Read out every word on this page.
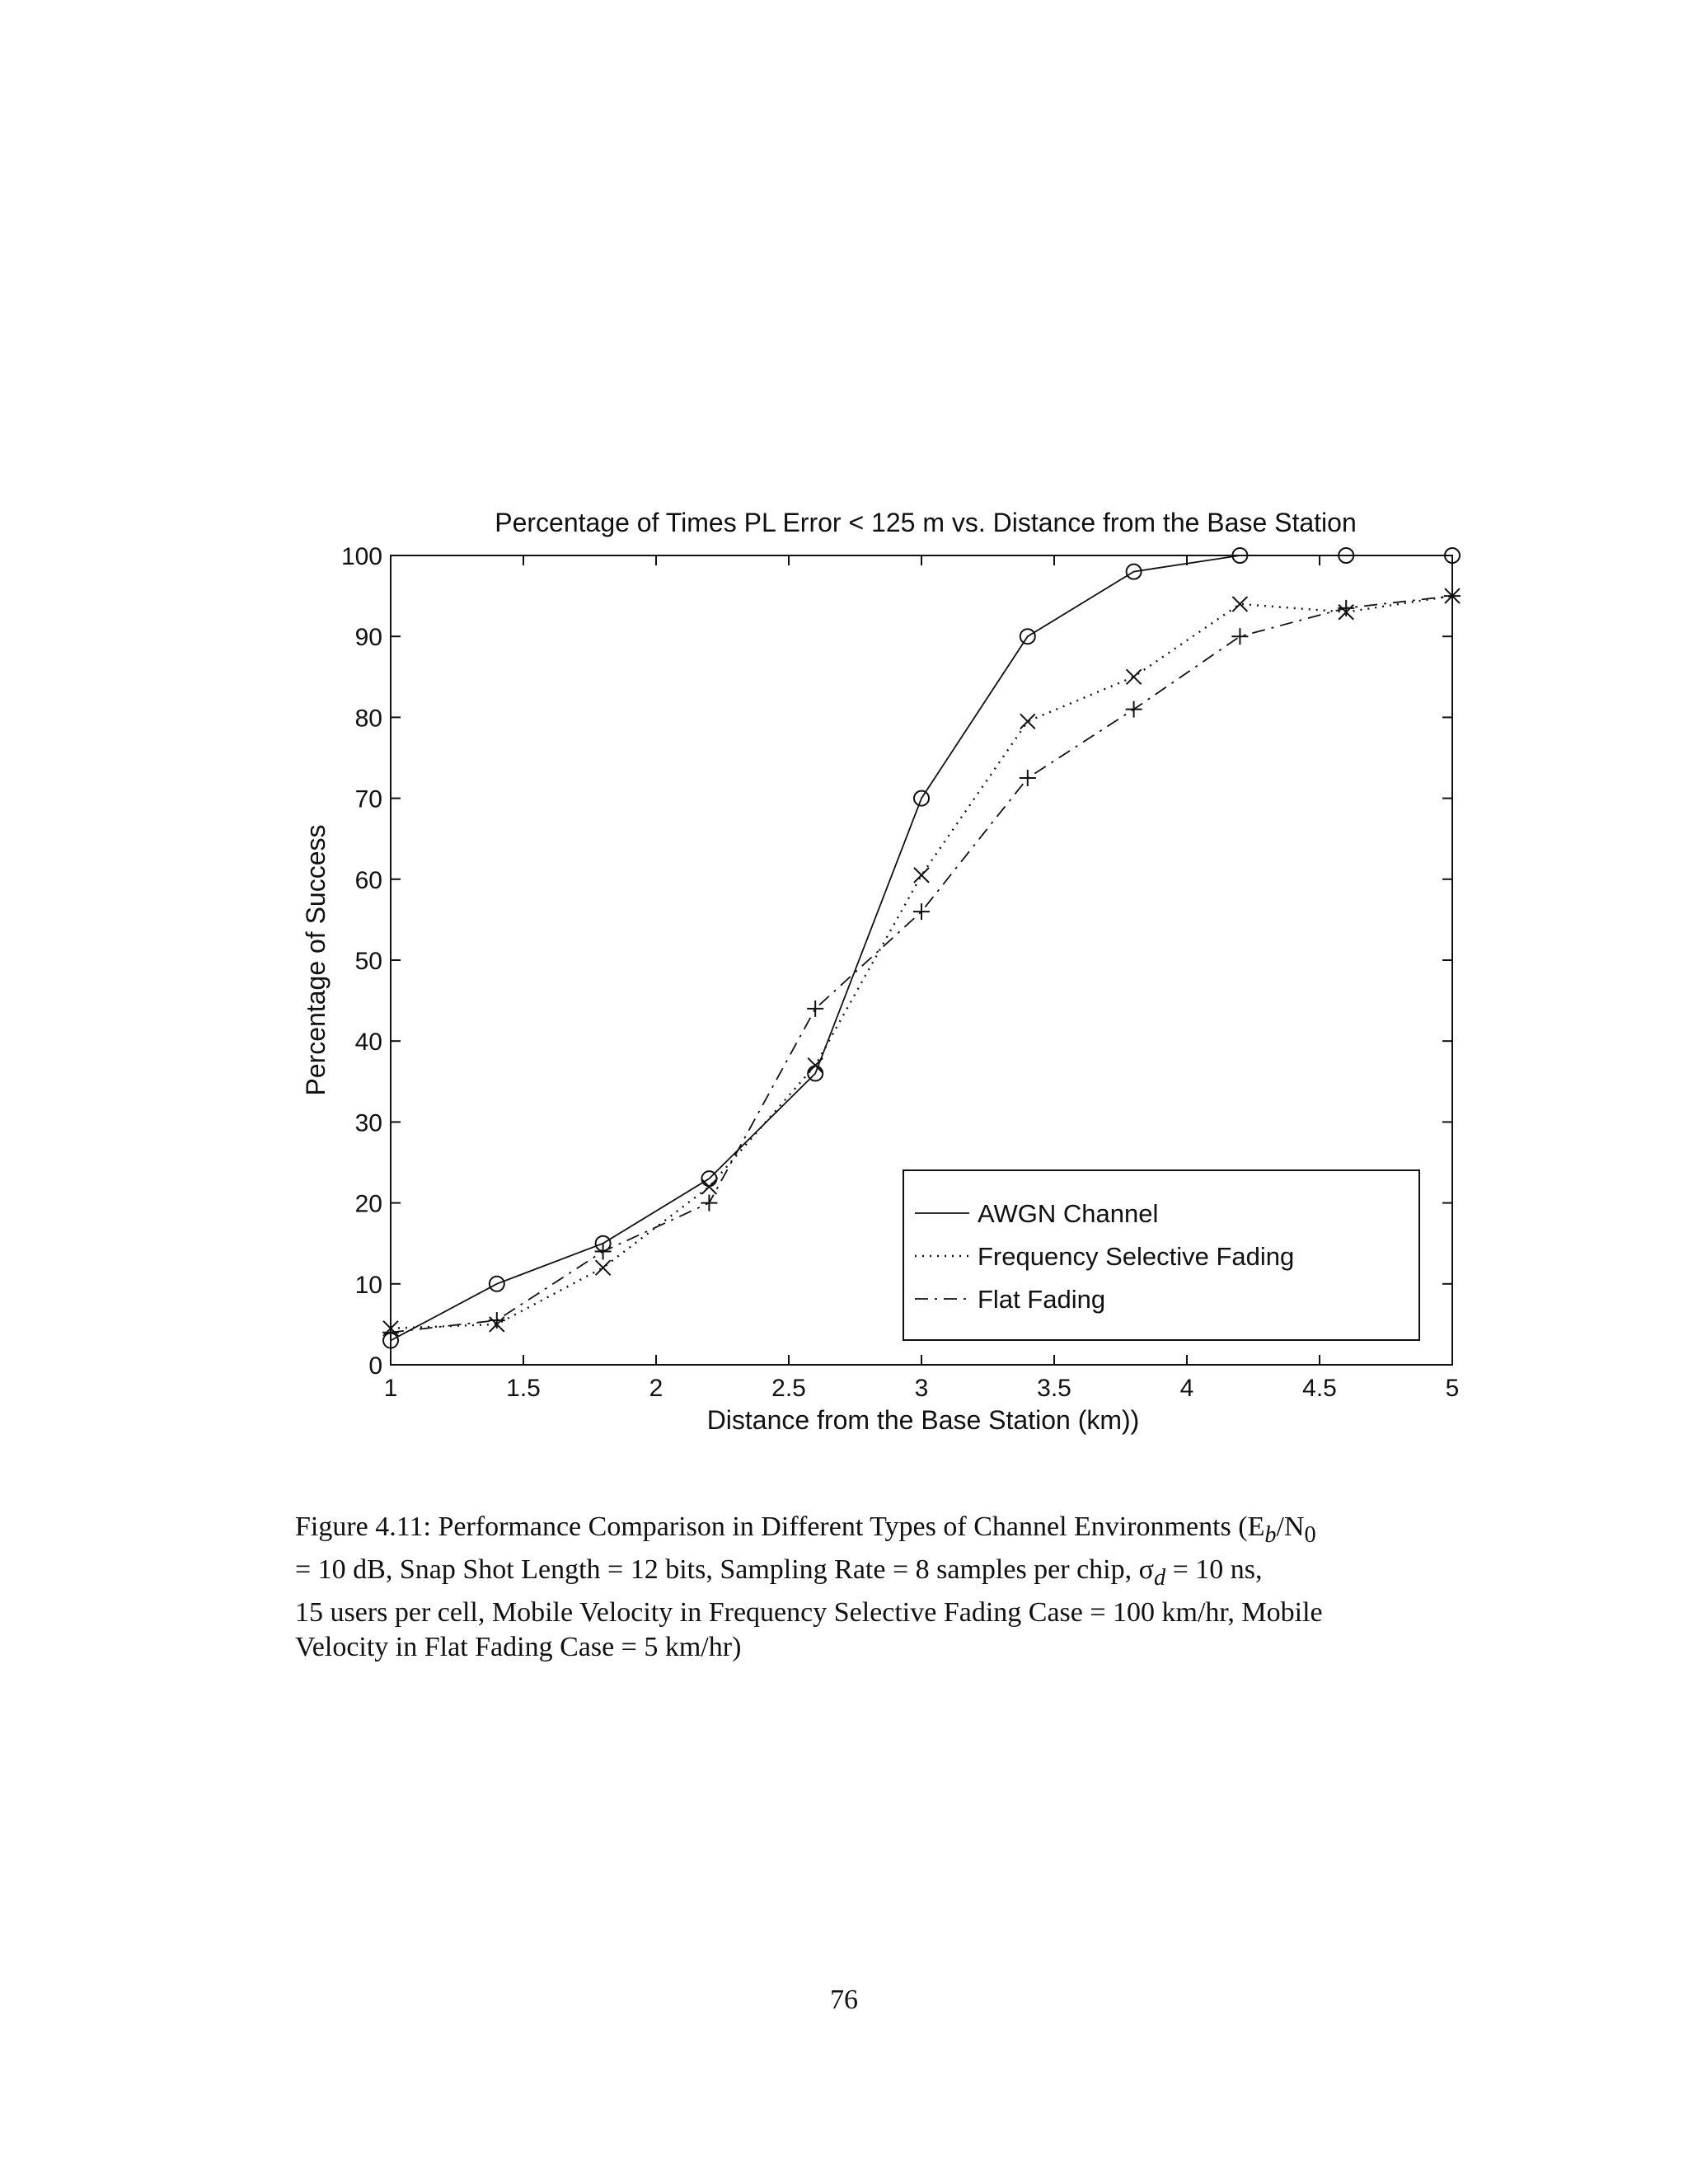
Percentage of Times PL Error < 125 m vs. Distance from the Base Station
1	1.5	2	2.5	3	3.5	4	4.5	5
0
10
20
30
40
50
60
70
80
90
100
Distance from the Base Station (km))
Percentage of Success
AWGN Channel
Frequency Selective Fading
Flat Fading
Figure 4.11: Performance Comparison in Different Types of Channel Environments ($E_b/N_0$
= 10 dB, Snap Shot Length = 12 bits, Sampling Rate = 8 samples per chip, $\sigma_d = 10$ ns,
15 users per cell, Mobile Velocity in Frequency Selective Fading Case = 100 km/hr, Mobile
Velocity in Flat Fading Case = 5 km/hr)
76
